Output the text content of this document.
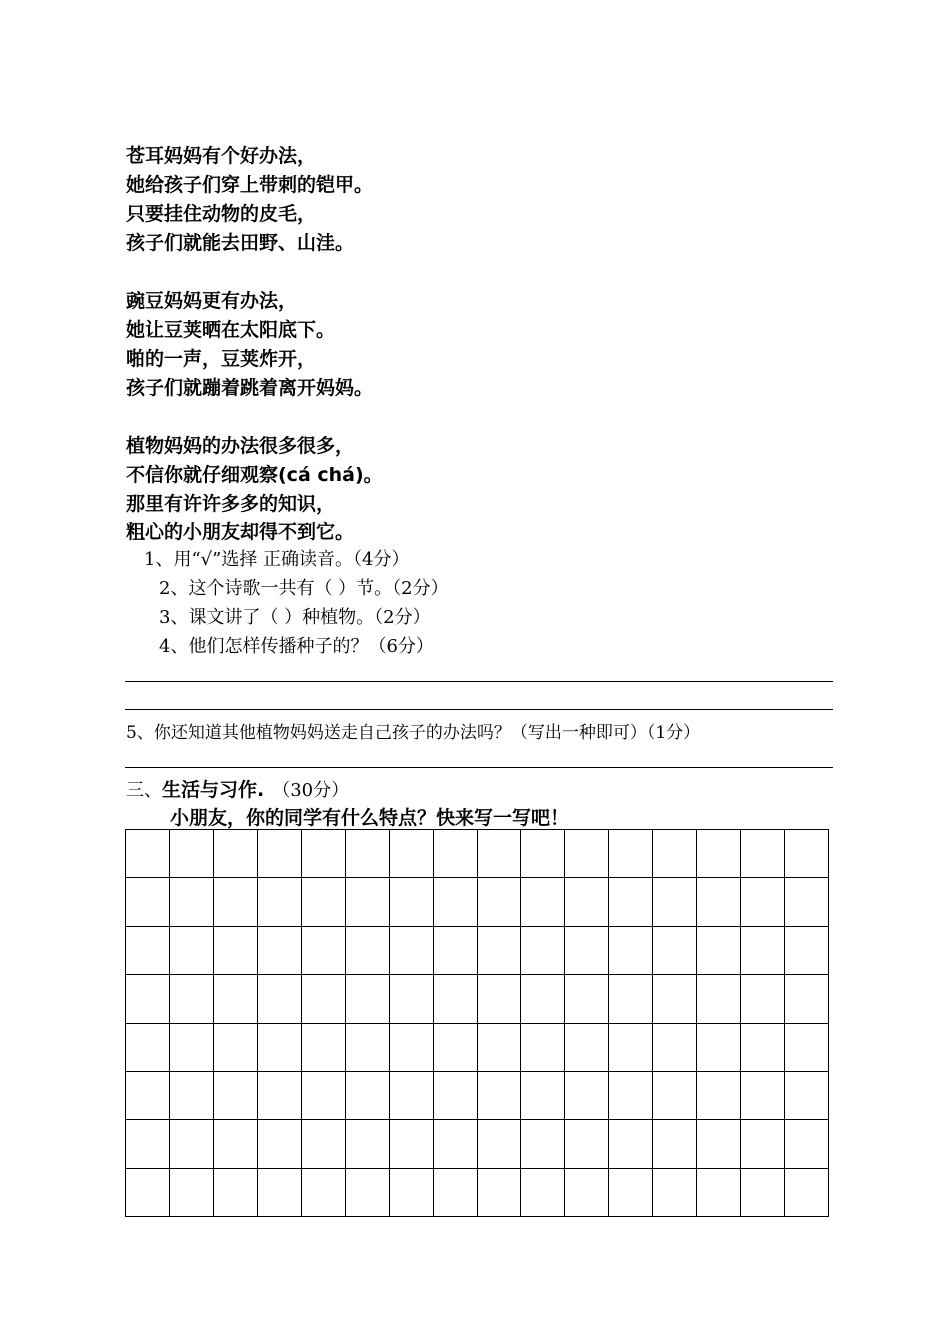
苍耳妈妈有个好办法，
她给孩子们穿上带刺的铠甲。
只要挂住动物的皮毛，
孩子们就能去田野、山洼。
豌豆妈妈更有办法，
她让豆荚晒在太阳底下。
啪的一声，豆荚炸开，
孩子们就蹦着跳着离开妈妈。
植物妈妈的办法很多很多，
不信你就仔细观察(cá chá)。
那里有许许多多的知识，
粗心的小朋友却得不到它。
1、用“√”选择 正确读音。（4分）
2、这个诗歌一共有（ ）节。（2分）
3、课文讲了（ ）种植物。（2分）
4、他们怎样传播种子的？（6分）
5、你还知道其他植物妈妈送走自己孩子的办法吗？（写出一种即可）（1分）
三、生活与习作. （30分）
小朋友，你的同学有什么特点？快来写一写吧！
